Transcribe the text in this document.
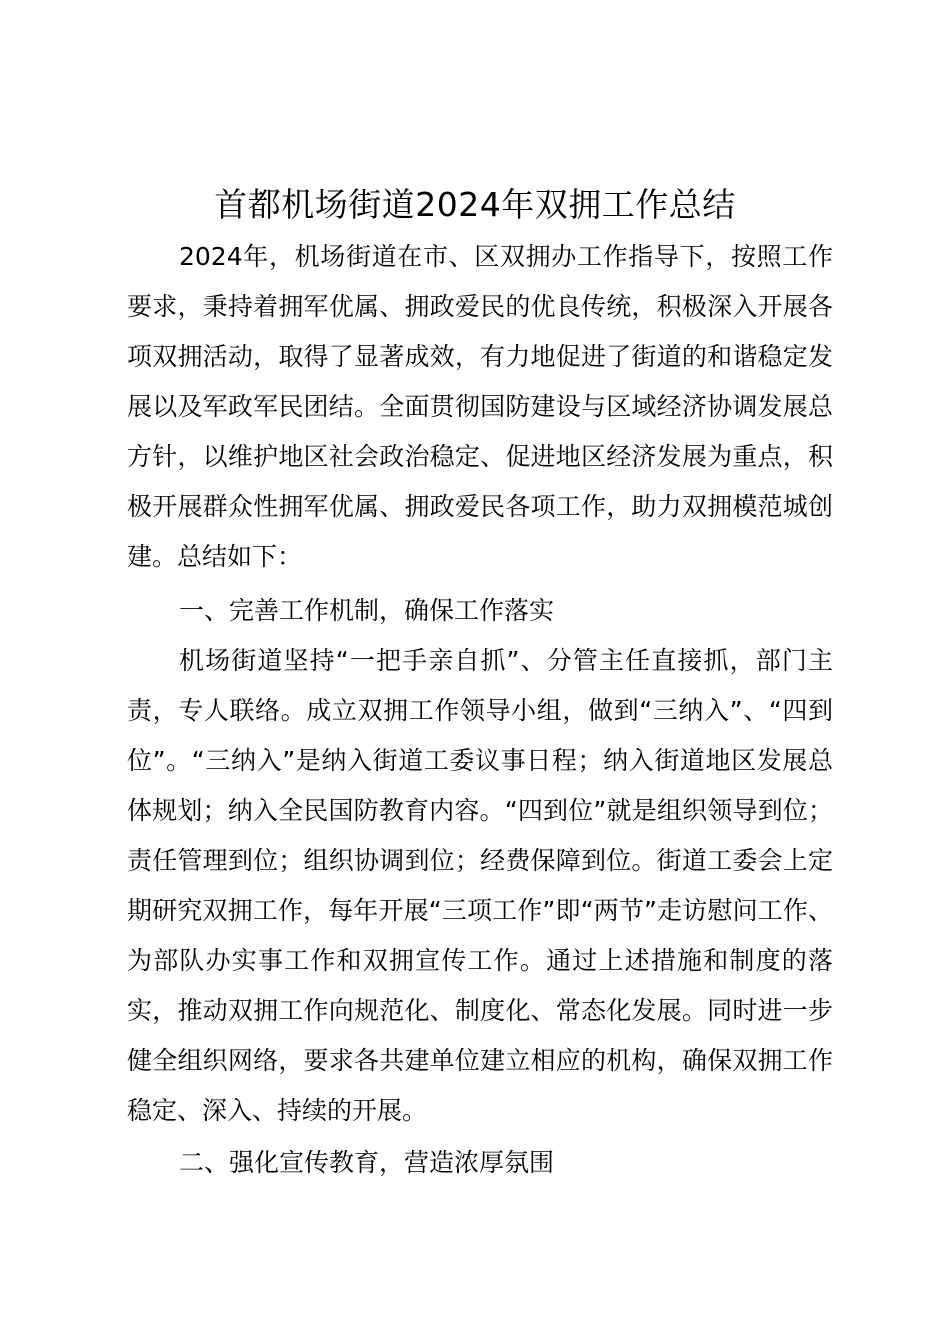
首都机场街道2024年双拥工作总结

2024年，机场街道在市、区双拥办工作指导下，按照工作要求，秉持着拥军优属、拥政爱民的优良传统，积极深入开展各项双拥活动，取得了显著成效，有力地促进了街道的和谐稳定发展以及军政军民团结。全面贯彻国防建设与区域经济协调发展总方针，以维护地区社会政治稳定、促进地区经济发展为重点，积极开展群众性拥军优属、拥政爱民各项工作，助力双拥模范城创建。总结如下：

一、完善工作机制，确保工作落实

机场街道坚持“一把手亲自抓”、分管主任直接抓，部门主责，专人联络。成立双拥工作领导小组，做到“三纳入”、“四到位”。“三纳入”是纳入街道工委议事日程；纳入街道地区发展总体规划；纳入全民国防教育内容。“四到位”就是组织领导到位；责任管理到位；组织协调到位；经费保障到位。街道工委会上定期研究双拥工作，每年开展“三项工作”即“两节”走访慰问工作、为部队办实事工作和双拥宣传工作。通过上述措施和制度的落实，推动双拥工作向规范化、制度化、常态化发展。同时进一步健全组织网络，要求各共建单位建立相应的机构，确保双拥工作稳定、深入、持续的开展。

二、强化宣传教育，营造浓厚氛围
